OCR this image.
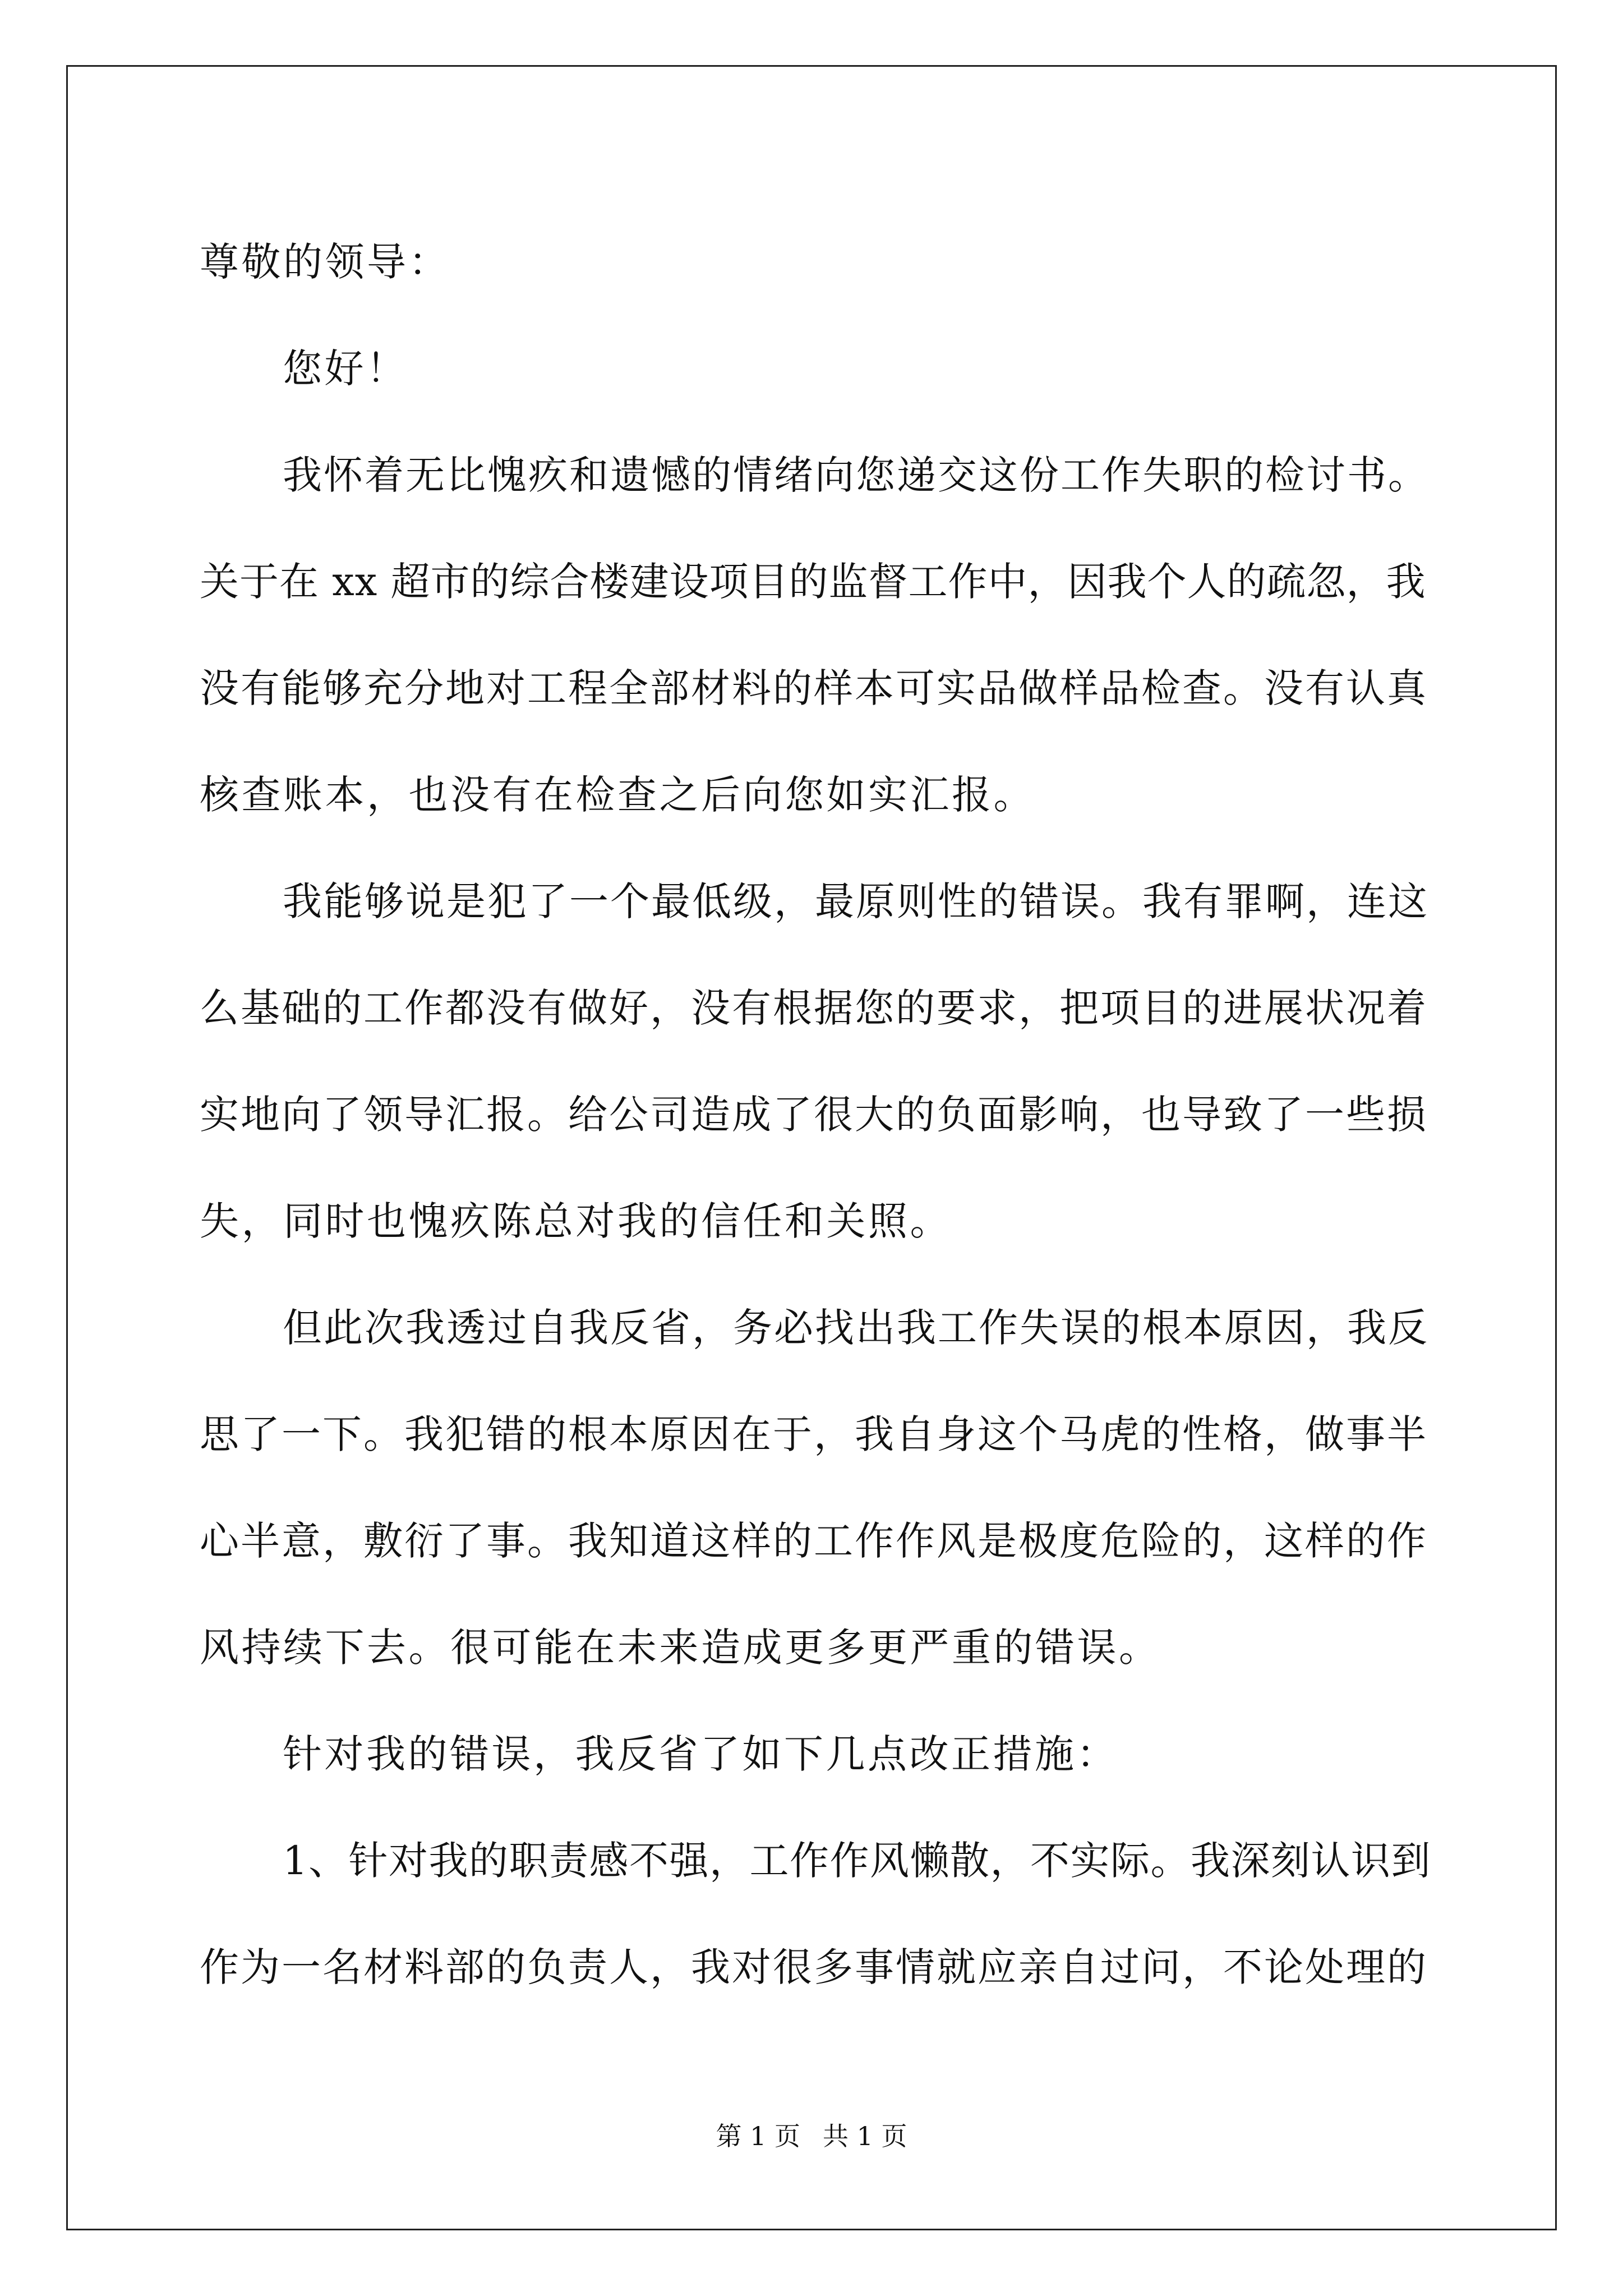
尊敬的领导：
您好！
我怀着无比愧疚和遗憾的情绪向您递交这份工作失职的检讨书。
关于在 xx 超市的综合楼建设项目的监督工作中，因我个人的疏忽，我
没有能够充分地对工程全部材料的样本可实品做样品检查。没有认真
核查账本，也没有在检查之后向您如实汇报。
我能够说是犯了一个最低级，最原则性的错误。我有罪啊，连这
么基础的工作都没有做好，没有根据您的要求，把项目的进展状况着
实地向了领导汇报。给公司造成了很大的负面影响，也导致了一些损
失，同时也愧疚陈总对我的信任和关照。
但此次我透过自我反省，务必找出我工作失误的根本原因，我反
思了一下。我犯错的根本原因在于，我自身这个马虎的性格，做事半
心半意，敷衍了事。我知道这样的工作作风是极度危险的，这样的作
风持续下去。很可能在未来造成更多更严重的错误。
针对我的错误，我反省了如下几点改正措施：
1、针对我的职责感不强，工作作风懒散，不实际。我深刻认识到
作为一名材料部的负责人，我对很多事情就应亲自过问，不论处理的
第 1 页 共 1 页
